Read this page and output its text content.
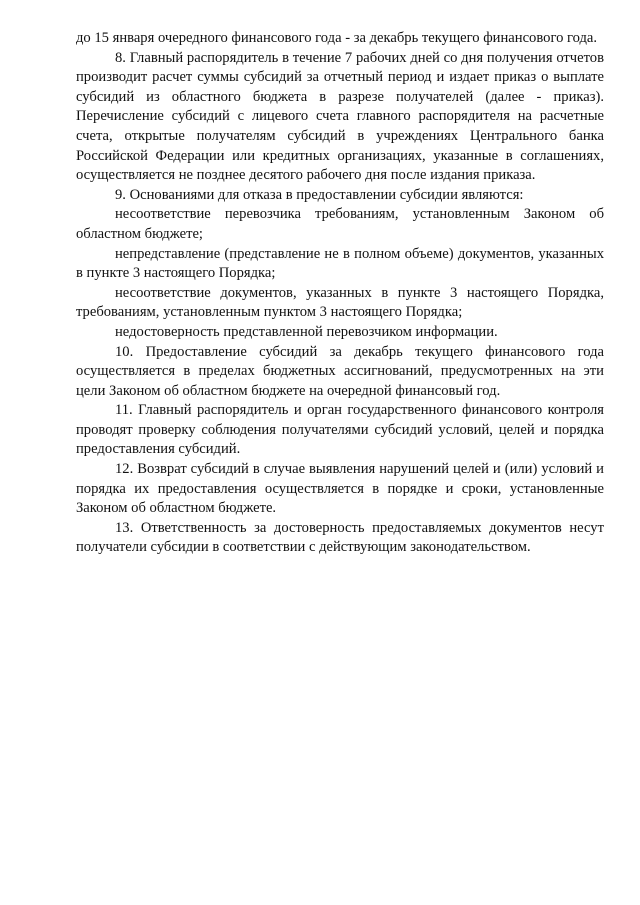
до 15 января очередного финансового года - за декабрь текущего финансового года.

8. Главный распорядитель в течение 7 рабочих дней со дня получения отчетов производит расчет суммы субсидий за отчетный период и издает приказ о выплате субсидий из областного бюджета в разрезе получателей (далее - приказ). Перечисление субсидий с лицевого счета главного распорядителя на расчетные счета, открытые получателям субсидий в учреждениях Центрального банка Российской Федерации или кредитных организациях, указанные в соглашениях, осуществляется не позднее десятого рабочего дня после издания приказа.

9. Основаниями для отказа в предоставлении субсидии являются:

несоответствие перевозчика требованиям, установленным Законом об областном бюджете;

непредставление (представление не в полном объеме) документов, указанных в пункте 3 настоящего Порядка;

несоответствие документов, указанных в пункте 3 настоящего Порядка, требованиям, установленным пунктом 3 настоящего Порядка;

недостоверность представленной перевозчиком информации.

10. Предоставление субсидий за декабрь текущего финансового года осуществляется в пределах бюджетных ассигнований, предусмотренных на эти цели Законом об областном бюджете на очередной финансовый год.

11. Главный распорядитель и орган государственного финансового контроля проводят проверку соблюдения получателями субсидий условий, целей и порядка предоставления субсидий.

12. Возврат субсидий в случае выявления нарушений целей и (или) условий и порядка их предоставления осуществляется в порядке и сроки, установленные Законом об областном бюджете.

13. Ответственность за достоверность предоставляемых документов несут получатели субсидии в соответствии с действующим законодательством.
